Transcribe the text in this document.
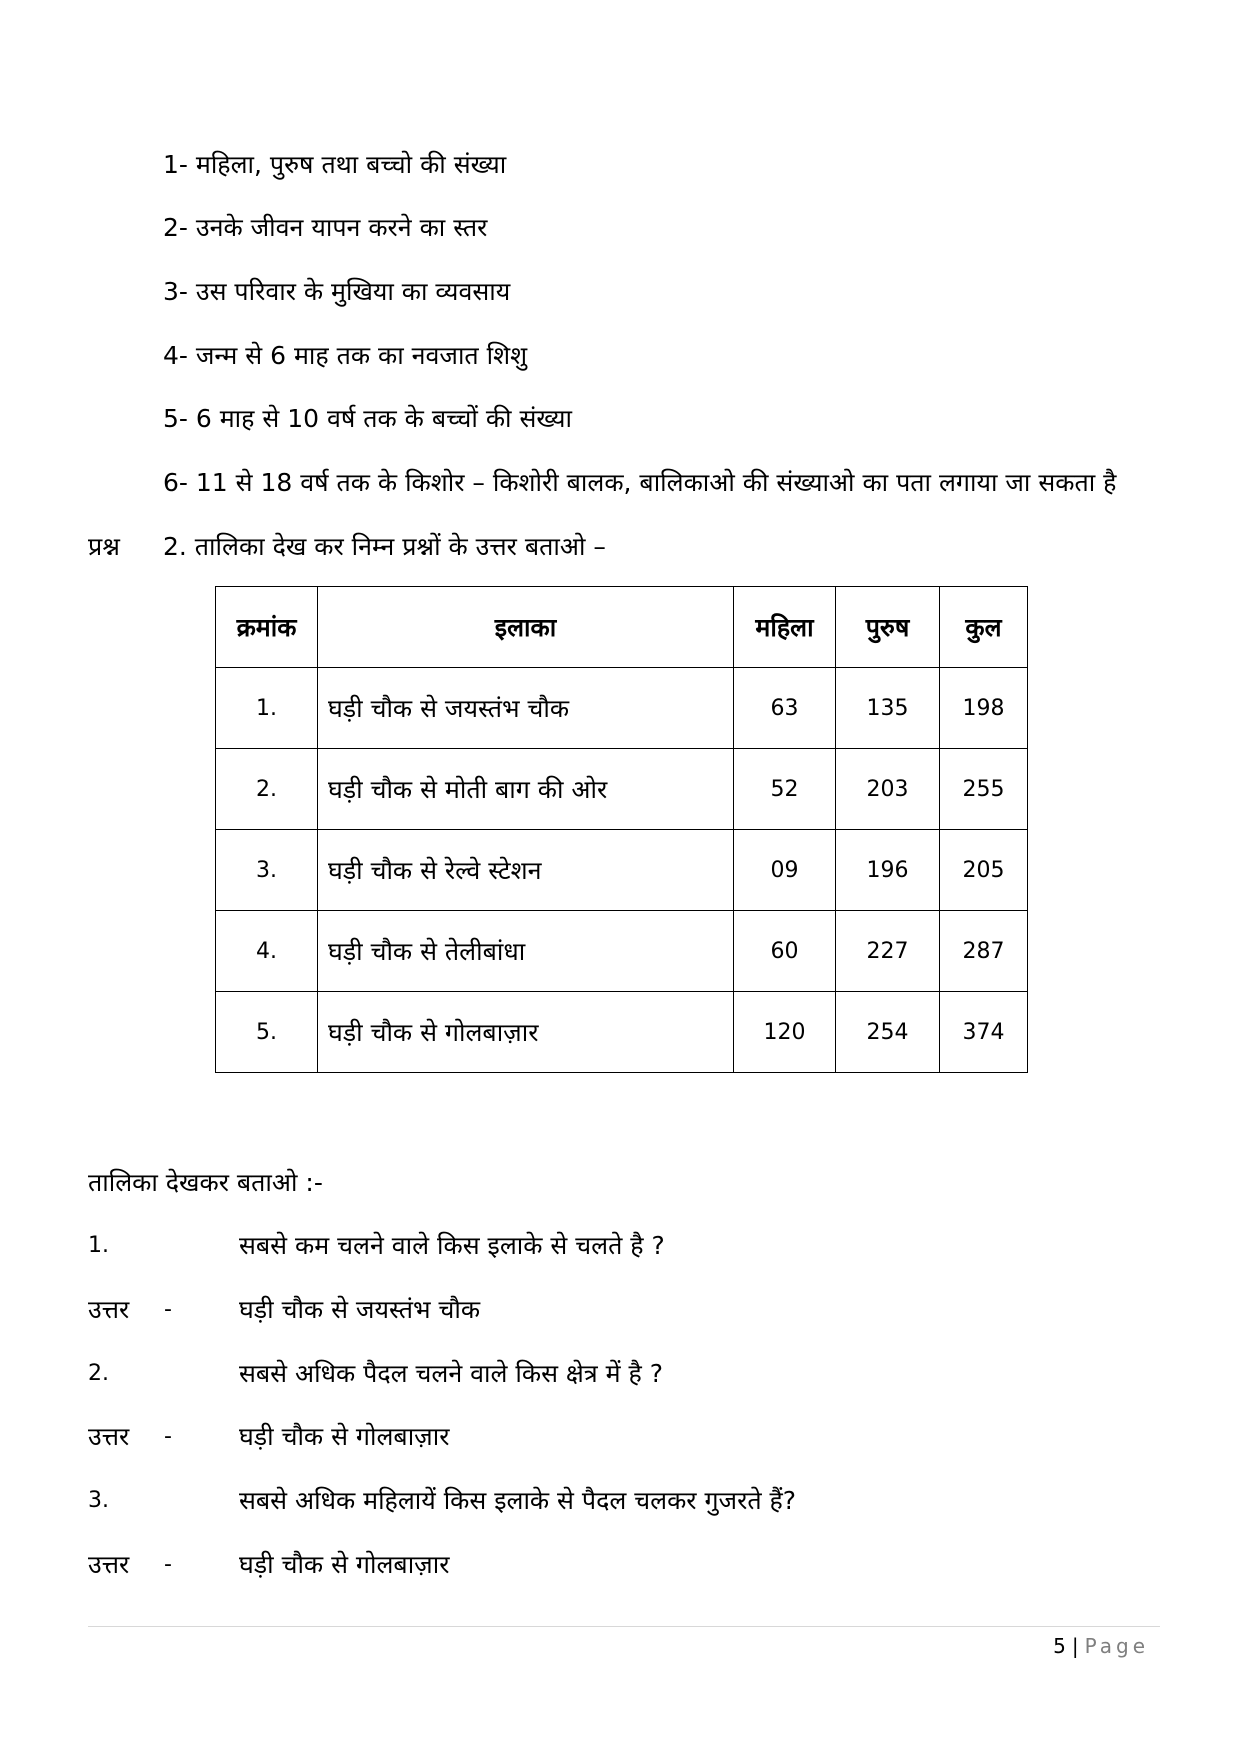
1- महिला, पुरुष तथा बच्चो की संख्या
2- उनके जीवन यापन करने का स्तर
3- उस परिवार के मुखिया का व्यवसाय
4- जन्म से 6 माह तक का नवजात शिशु
5- 6 माह से 10 वर्ष तक के बच्चों की संख्या
6- 11 से 18 वर्ष तक के किशोर – किशोरी बालक, बालिकाओ की संख्याओ का पता लगाया जा सकता है
प्रश्न 2. तालिका देख कर निम्न प्रश्नों के उत्तर बताओ –
क्रमांक	इलाका	महिला	पुरुष	कुल
1.	घड़ी चौक से जयस्तंभ चौक	63	135	198
2.	घड़ी चौक से मोती बाग की ओर	52	203	255
3.	घड़ी चौक से रेल्वे स्टेशन	09	196	205
4.	घड़ी चौक से तेलीबांधा	60	227	287
5.	घड़ी चौक से गोलबाज़ार	120	254	374
तालिका देखकर बताओ :-
1.	सबसे कम चलने वाले किस इलाके से चलते है ?
उत्तर -	घड़ी चौक से जयस्तंभ चौक
2.	सबसे अधिक पैदल चलने वाले किस क्षेत्र में है ?
उत्तर -	घड़ी चौक से गोलबाज़ार
3.	सबसे अधिक महिलायें किस इलाके से पैदल चलकर गुजरते हैं?
उत्तर -	घड़ी चौक से गोलबाज़ार
5 | Page
